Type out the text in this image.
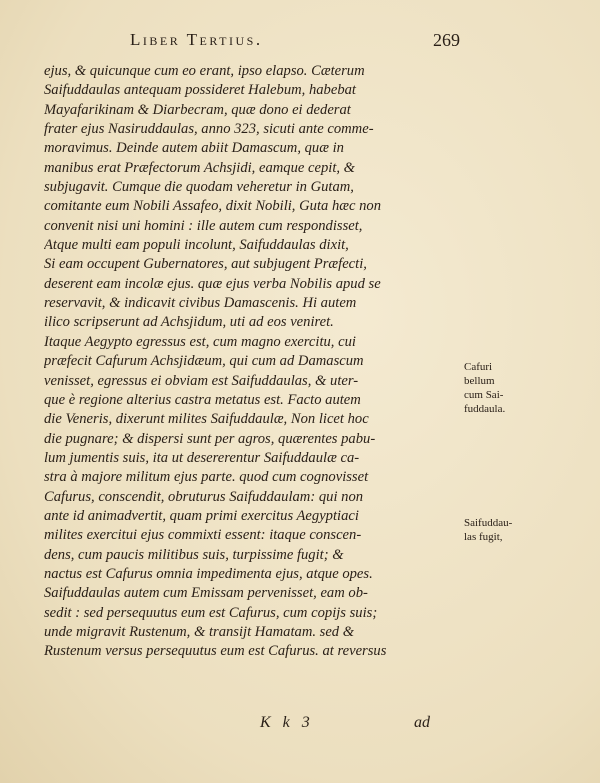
Liber Tertius.	269
ejus, & quicunque cum eo erant, ipso elapso. Cæterum
Saifuddaulas antequam possideret Halebum, habebat
Mayafarikinam & Diarbecram, quæ dono ei dederat
frater ejus Nasiruddaulas, anno 323, sicuti ante comme-
moravimus. Deinde autem abiit Damascum, quæ in
manibus erat Præfectorum Achsjidi, eamque cepit, &
subjugavit. Cumque die quodam veheretur in Gutam,
comitante eum Nobili Assafeo, dixit Nobili, Guta hæc non
convenit nisi uni homini : ille autem cum respondisset,
Atque multi eam populi incolunt, Saifuddaulas dixit,
Si eam occupent Gubernatores, aut subjugent Præfecti,
deserent eam incolæ ejus. quæ ejus verba Nobilis apud se
reservavit, & indicavit civibus Damascenis. Hi autem
ilico scripserunt ad Achsjidum, uti ad eos veniret.
Itaque Aegypto egressus est, cum magno exercitu, cui
præfecit Cafurum Achsjidæum, qui cum ad Damascum
venisset, egressus ei obviam est Saifuddaulas, & uter-
que è regione alterius castra metatus est. Facto autem
die Veneris, dixerunt milites Saifuddaulæ, Non licet hoc
die pugnare; & dispersi sunt per agros, quærentes pabu-
lum jumentis suis, ita ut desererentur Saifuddaulæ ca-
stra à majore militum ejus parte. quod cum cognovisset
Cafurus, conscendit, obruturus Saifuddaulam: qui non
ante id animadvertit, quam primi exercitus Aegyptiaci
milites exercitui ejus commixti essent: itaque conscen-
dens, cum paucis militibus suis, turpissime fugit; &
nactus est Cafurus omnia impedimenta ejus, atque opes.
Saifuddaulas autem cum Emissam pervenisset, eam ob-
sedit : sed persequutus eum est Cafurus, cum copijs suis;
unde migravit Rustenum, & transijt Hamatam. sed &
Rustenum versus persequutus eum est Cafurus. at reversus
Cafuri
bellum
cum Sai-
fuddaula.
Saifuddau-
las fugit,
K k 3	ad
